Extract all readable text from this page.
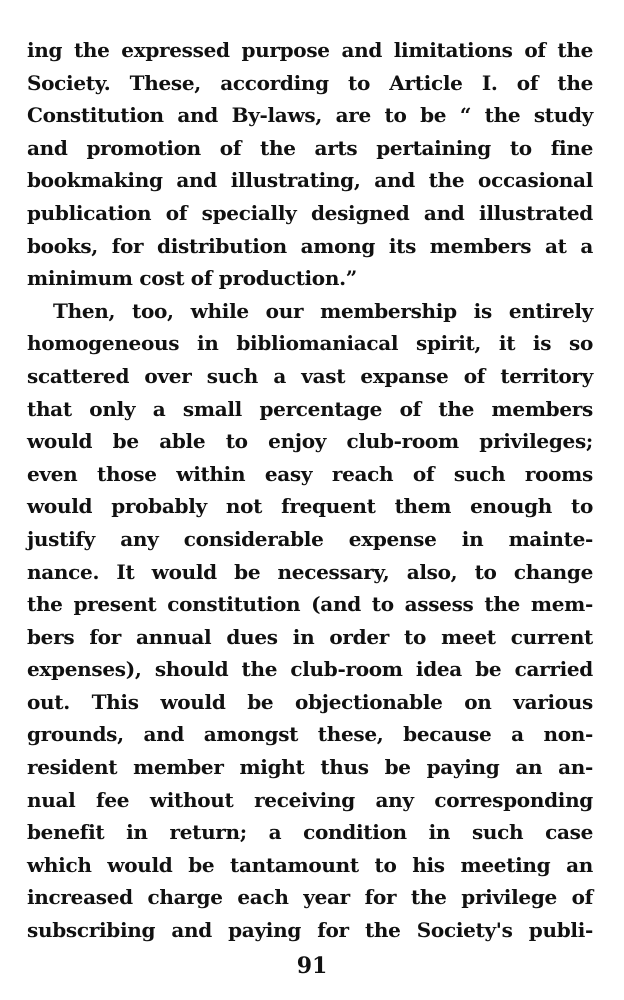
ing the expressed purpose and limitations of the
Society. These, according to Article I. of the
Constitution and By-laws, are to be “ the study
and promotion of the arts pertaining to fine
bookmaking and illustrating, and the occasional
publication of specially designed and illustrated
books, for distribution among its members at a
minimum cost of production.”
Then, too, while our membership is entirely
homogeneous in bibliomaniacal spirit, it is so
scattered over such a vast expanse of territory
that only a small percentage of the members
would be able to enjoy club-room privileges;
even those within easy reach of such rooms
would probably not frequent them enough to
justify any considerable expense in mainte-
nance. It would be necessary, also, to change
the present constitution (and to assess the mem-
bers for annual dues in order to meet current
expenses), should the club-room idea be carried
out. This would be objectionable on various
grounds, and amongst these, because a non-
resident member might thus be paying an an-
nual fee without receiving any corresponding
benefit in return; a condition in such case
which would be tantamount to his meeting an
increased charge each year for the privilege of
subscribing and paying for the Society's publi-
91
